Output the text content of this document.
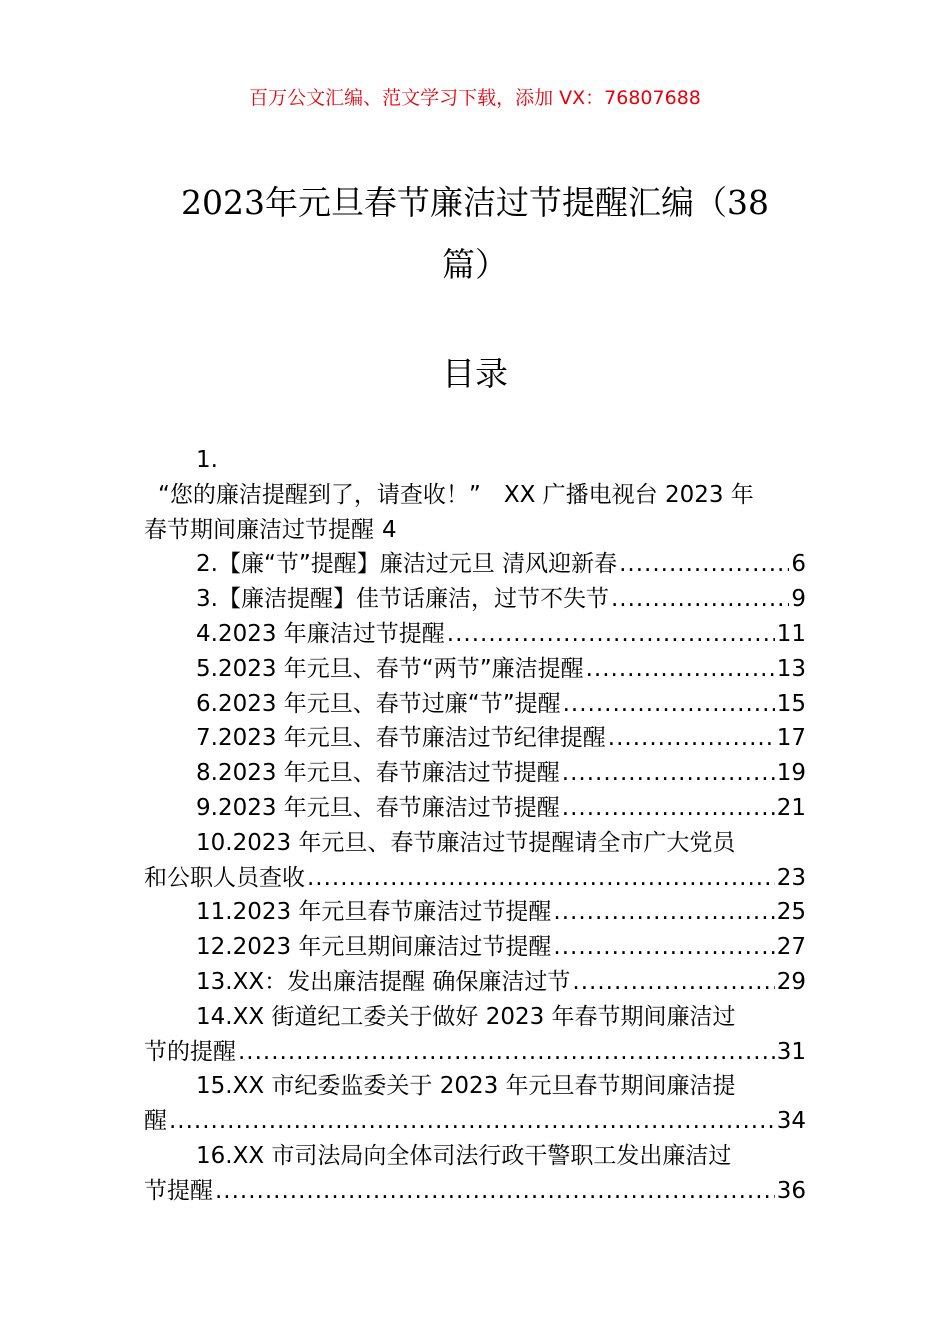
百万公文汇编、范文学习下载，添加 VX：76807688
2023年元旦春节廉洁过节提醒汇编（38
篇）
目录
1.
“您的廉洁提醒到了，请查收！”　XX 广播电视台 2023 年
春节期间廉洁过节提醒 4
2.【廉“节”提醒】廉洁过元旦 清风迎新春 .....	6
3.【廉洁提醒】佳节话廉洁，过节不失节 .....	9
4.2023 年廉洁过节提醒 .....	11
5.2023 年元旦、春节“两节”廉洁提醒 .....	13
6.2023 年元旦、春节过廉“节”提醒 .....	15
7.2023 年元旦、春节廉洁过节纪律提醒 .....	17
8.2023 年元旦、春节廉洁过节提醒 .....	19
9.2023 年元旦、春节廉洁过节提醒 .....	21
10.2023 年元旦、春节廉洁过节提醒请全市广大党员
和公职人员查收 .....	23
11.2023 年元旦春节廉洁过节提醒 .....	25
12.2023 年元旦期间廉洁过节提醒 .....	27
13.XX：发出廉洁提醒 确保廉洁过节 .....	29
14.XX 街道纪工委关于做好 2023 年春节期间廉洁过
节的提醒 .....	31
15.XX 市纪委监委关于 2023 年元旦春节期间廉洁提
醒 .....	34
16.XX 市司法局向全体司法行政干警职工发出廉洁过
节提醒 .....	36
